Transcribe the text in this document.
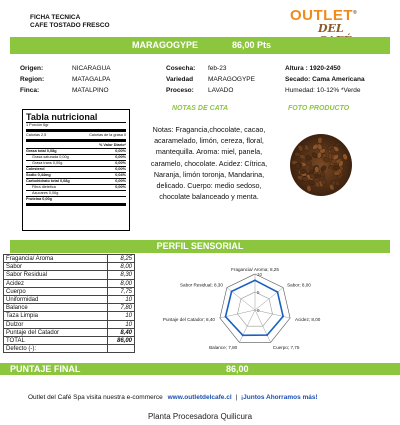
FICHA TECNICA
CAFE TOSTADO FRESCO
OUTLET®
DEL
MARAGOGYPE	86,00 Pts
Origen:	NICARAGUA
Region:	MATAGALPA
Finca:	MATALPINO
Cosecha:	feb-23
Variedad	MARAGOGYPE
Proceso:	LAVADO
Altura : 1920-2450
Secado: Cama Americana
Humedad: 10-12% *Verde
NOTAS DE CATA	FOTO PRODUCTO
Tabla nutricional
1 Porción 6gr
Calorias 2,5	Calorias de la grasa 0
% Valor Diario*
Grasa total 0,08g	0,00%
Grasa saturada 0,00g	0,00%
Grasa trans 0,00g	0,00%
Colesterol	0,00%
Sodio 0,44mg	0,04%
Carbohidrato total 0,08g	0,00%
Fibra dietetica	0,00%
Azucares 0,06g
Proteina 0,00g
Notas: Fragancia,chocolate, cacao, acaramelado, limón, cereza, floral, mantequilla. Aroma: miel, panela, caramelo, chocolate. Acidez: Cítrica, Naranja, limón toronja, Mandarina, delicado. Cuerpo: medio sedoso, chocolate balanceado y menta.
PERFIL SENSORIAL
Fragancia/ Aroma	8,25
Sabor	8,00
Sabor Residual	8,30
Acidez	8,00
Cuerpo	7,75
Uniformidad	10
Balance	7,80
Taza Limpia	10
Dulzor	10
Puntaje del Catador	8,40
TOTAL	86,00
Defecto (-):
0
5
10
Fragancia/ Aroma; 8,25
Sabor; 8,00
Acidez; 8,00
Cuerpo; 7,75
Balance; 7,80
Puntaje del Catador; 8,40
Sabor Residual; 8,30
PUNTAJE FINAL	86,00
Outlet del Café Spa visita nuestra e-commerce www.outletdelcafe.cl | ¡Juntos Ahorramos más!
Planta Procesadora Quilicura
